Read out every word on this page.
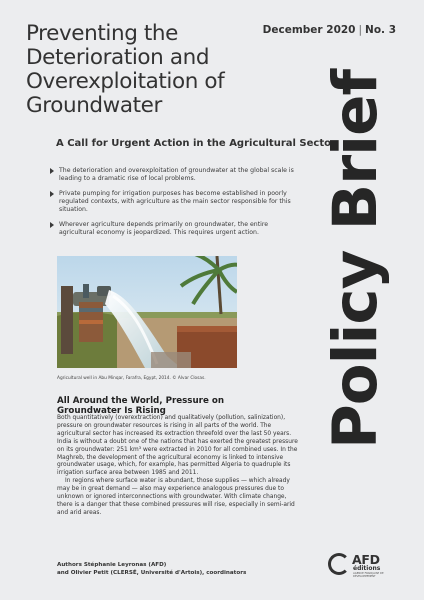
Preventing the Deterioration and Overexploitation of Groundwater
December 2020 | No. 3
A Call for Urgent Action in the Agricultural Sector
The deterioration and overexploitation of groundwater at the global scale is leading to a dramatic rise of local problems.
Private pumping for irrigation purposes has become established in poorly regulated contexts, with agriculture as the main sector responsible for this situation.
Wherever agriculture depends primarily on groundwater, the entire agricultural economy is jeopardized. This requires urgent action.	Policy Brief
Agricultural well in Abu Minqar, Farafra, Egypt, 2014. © Alvar Closas.
All Around the World, Pressure on Groundwater Is Rising

Both quantitatively (overextraction) and qualitatively (pollution, salinization), pressure on groundwater resources is rising in all parts of the world. The agricultural sector has increased its extraction threefold over the last 50 years. India is without a doubt one of the nations that has exerted the greatest pressure on its groundwater: 251 km³ were extracted in 2010 for all combined uses. In the Maghreb, the development of the agricultural economy is linked to intensive groundwater usage, which, for example, has permitted Algeria to quadruple its irrigation surface area between 1985 and 2011.

In regions where surface water is abundant, those supplies — which already may be in great demand — also may experience analogous pressures due to unknown or ignored interconnections with groundwater. With climate change, there is a danger that these combined pressures will rise, especially in semi-arid and arid areas.

Authors Stéphanie Leyronas (AFD)
and Olivier Petit (CLERSÉ, Université d'Artois), coordinators
AFD
éditions
AGENCE FRANÇAISE DE DÉVELOPPEMENT
